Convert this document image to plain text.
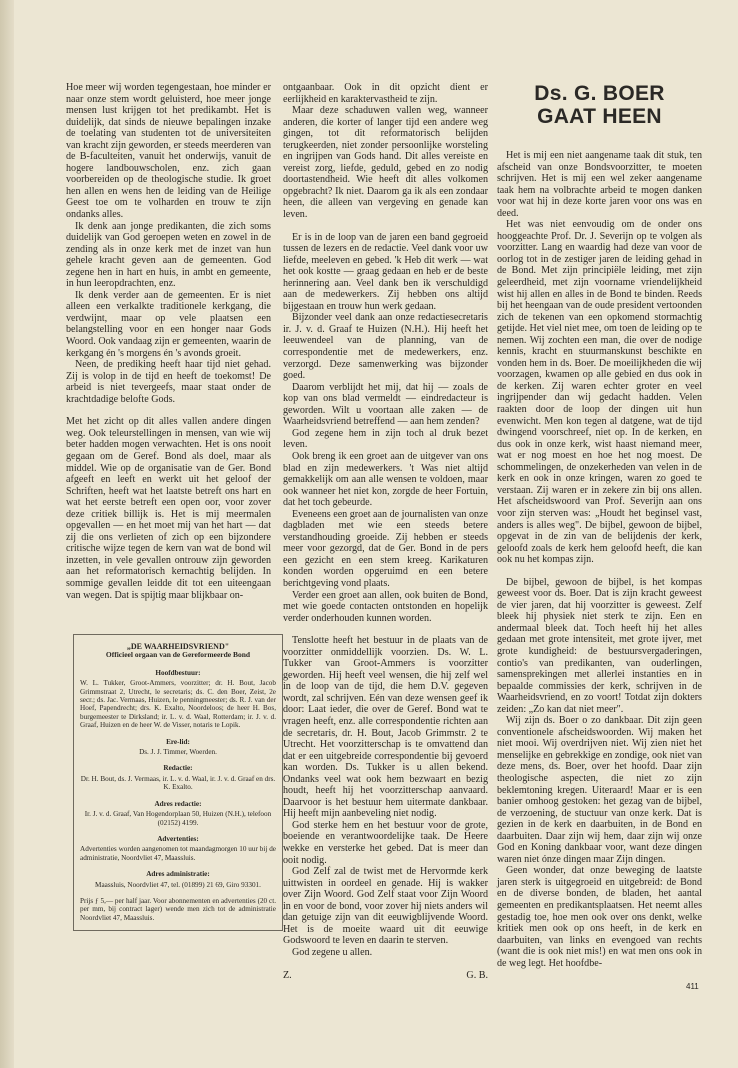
Hoe meer wij worden tegengestaan, hoe minder er naar onze stem wordt geluisterd, hoe meer jonge mensen lust krijgen tot het predikambt. Het is duidelijk, dat sinds de nieuwe bepalingen inzake de toelating van studenten tot de universiteiten van kracht zijn geworden, er steeds meerderen van de B-faculteiten, vanuit het onderwijs, vanuit de hogere landbouwscholen, enz. zich gaan voorbereiden op de theologische studie. Ik groet hen allen en wens hen de leiding van de Heilige Geest toe om te volharden en trouw te zijn ondanks alles.

Ik denk aan jonge predikanten, die zich soms duidelijk van God geroepen weten en zowel in de zending als in onze kerk met de inzet van hun gehele kracht geven aan de gemeenten. God zegene hen in hart en huis, in ambt en gemeente, in hun leeropdrachten, enz.

Ik denk verder aan de gemeenten. Er is niet alleen een verkalkte traditionele kerkgang, die verdwijnt, maar op vele plaatsen een belangstelling voor en een honger naar Gods Woord. Ook vandaag zijn er gemeenten, waarin de kerkgang én 's morgens én 's avonds groeit.

Neen, de prediking heeft haar tijd niet gehad. Zij is volop in de tijd en heeft de toekomst! De arbeid is niet tevergeefs, maar staat onder de krachtdadige belofte Gods.

Met het zicht op dit alles vallen andere dingen weg. Ook teleurstellingen in mensen, van wie wij beter hadden mogen verwachten. Het is ons nooit gegaan om de Geref. Bond als doel, maar als middel. Wie op de organisatie van de Ger. Bond afgeeft en leeft en werkt uit het geloof der Schriften, heeft wat het laatste betreft ons hart en wat het eerste betreft een open oor, voor zover deze critiek billijk is. Het is mij meermalen opgevallen — en het moet mij van het hart — dat zij die ons verlieten of zich op een bijzondere critische wijze tegen de kern van wat de bond wil inzetten, in vele gevallen ontrouw zijn geworden aan het reformatorisch kernachtig belijden. In sommige gevallen leidde dit tot een uiteengaan van wegen. Dat is spijtig maar blijkbaar on-

„DE WAARHEIDSVRIEND"
Officieel orgaan van de Gereformeerde Bond
Hoofdbestuur:
W. L. Tukker, Groot-Ammers, voorzitter; dr. H. Bout, Jacob Grimmstraat 2, Utrecht, le secretaris; ds. C. den Boer, Zeist, 2e secr.; ds. Jac. Vermaas, Huizen, le penningmeester; ds. R. J. van der Hoef, Papendrecht; drs. K. Exalto, Noordeloos; de heer H. Bos, burgemeester te Dirksland; ir. L. v. d. Waal, Rotterdam; ir. J. v. d. Graaf, Huizen en de heer W. de Visser, notaris te Lopik.
Ere-lid:
Ds. J. J. Timmer, Woerden.
Redactie:
Dr. H. Bout, ds. J. Vermaas, ir. L. v. d. Waal, ir. J. v. d. Graaf en drs. K. Exalto.
Adres redactie:
Ir. J. v. d. Graaf, Van Hogendorplaan 50, Huizen (N.H.), telefoon (02152) 4199.
Advertenties:
Advertenties worden aangenomen tot maandagmorgen 10 uur bij de administratie, Noordvliet 47, Maassluis.
Adres administratie:
Maassluis, Noordvliet 47, tel. (01899) 21 69, Giro 93301.
Prijs ƒ 5,— per half jaar. Voor abonnementen en advertenties (20 ct. per mm, bij contract lager) wende men zich tot de administratie Noordvliet 47, Maassluis.

ontgaanbaar. Ook in dit opzicht dient er eerlijkheid en karaktervastheid te zijn.

Maar deze schaduwen vallen weg, wanneer anderen, die korter of langer tijd een andere weg gingen, tot dit reformatorisch belijden terugkeerden, niet zonder persoonlijke worsteling en ingrijpen van Gods hand. Dit alles vereiste en vereist zorg, liefde, geduld, gebed en zo nodig doortastendheid. Wie heeft dit alles volkomen opgebracht? Ik niet. Daarom ga ik als een zondaar heen, die alleen van vergeving en genade kan leven.

Er is in de loop van de jaren een band gegroeid tussen de lezers en de redactie. Veel dank voor uw liefde, meeleven en gebed. 'k Heb dit werk — wat het ook kostte — graag gedaan en heb er de beste herinnering aan. Veel dank ben ik verschuldigd aan de medewerkers. Zij hebben ons altijd bijgestaan en trouw hun werk gedaan.

Bijzonder veel dank aan onze redactiesecretaris ir. J. v. d. Graaf te Huizen (N.H.). Hij heeft het leeuwendeel van de planning, van de correspondentie met de medewerkers, enz. verzorgd. Deze samenwerking was bijzonder goed.

Daarom verblijdt het mij, dat hij — zoals de kop van ons blad vermeldt — eindredacteur is geworden. Wilt u voortaan alle zaken — de Waarheidsvriend betreffend — aan hem zenden?

God zegene hem in zijn toch al druk bezet leven.

Ook breng ik een groet aan de uitgever van ons blad en zijn medewerkers. 't Was niet altijd gemakkelijk om aan alle wensen te voldoen, maar ook wanneer het niet kon, zorgde de heer Fortuin, dat het toch gebeurde.

Eveneens een groet aan de journalisten van onze dagbladen met wie een steeds betere verstandhouding groeide. Zij hebben er steeds meer voor gezorgd, dat de Ger. Bond in de pers een gezicht en een stem kreeg. Karikaturen konden worden opgeruimd en een betere berichtgeving vond plaats.

Verder een groet aan allen, ook buiten de Bond, met wie goede contacten ontstonden en hopelijk verder onderhouden kunnen worden.

Tenslotte heeft het bestuur in de plaats van de voorzitter onmiddellijk voorzien. Ds. W. L. Tukker van Groot-Ammers is voorzitter geworden. Hij heeft veel wensen, die hij zelf wel in de loop van de tijd, die hem D.V. gegeven wordt, zal schrijven. Eén van deze wensen geef ik door: Laat ieder, die over de Geref. Bond wat te vragen heeft, enz. alle correspondentie richten aan de secretaris, dr. H. Bout, Jacob Grimmstr. 2 te Utrecht. Het voorzitterschap is te omvattend dan dat er een uitgebreide correspondentie bij gevoerd kan worden. Ds. Tukker is u allen bekend. Ondanks veel wat ook hem bezwaart en bezig houdt, heeft hij het voorzitterschap aanvaard. Daarvoor is het bestuur hem uitermate dankbaar. Hij heeft mijn aanbeveling niet nodig.

God sterke hem en het bestuur voor de grote, boeiende en verantwoordelijke taak. De Heere wekke en versterke het gebed. Dat is meer dan ooit nodig.

God Zelf zal de twist met de Hervormde kerk uittwisten in oordeel en genade. Hij is wakker over Zijn Woord. God Zelf staat voor Zijn Woord in en voor de bond, voor zover hij niets anders wil dan getuige zijn van dit eeuwigblijvende Woord. Het is de moeite waard uit dit eeuwige Godswoord te leven en daarin te sterven.

God zegene u allen.

Z.	G. B.
Ds. G. BOER
GAAT HEEN

Het is mij een niet aangename taak dit stuk, ten afscheid van onze Bondsvoorzitter, te moeten schrijven. Het is mij een wel zeker aangename taak hem na volbrachte arbeid te mogen danken voor wat hij in deze korte jaren voor ons was en deed.

Het was niet eenvoudig om de onder ons hooggeachte Prof. Dr. J. Severijn op te volgen als voorzitter. Lang en waardig had deze van voor de oorlog tot in de zestiger jaren de leiding gehad in de Bond. Met zijn principiële leiding, met zijn geleerdheid, met zijn voorname vriendelijkheid wist hij allen en alles in de Bond te binden. Reeds bij het heengaan van de oude president vertoonden zich de tekenen van een opkomend stormachtig getijde. Het viel niet mee, om toen de leiding op te nemen. Wij zochten een man, die over de nodige kennis, kracht en stuurmanskunst beschikte en vonden hem in ds. Boer. De moeilijkheden die wij voorzagen, kwamen op alle gebied en dus ook in de kerken. Zij waren echter groter en veel ingrijpender dan wij gedacht hadden. Velen raakten door de loop der dingen uit hun evenwicht. Men kon tegen al datgene, wat de tijd dwingend voorschreef, niet op. In de kerken, en dus ook in onze kerk, wist haast niemand meer, wat er nog moest en hoe het nog moest. De schommelingen, de onzekerheden van velen in de kerk en ook in onze kringen, waren zo goed te verstaan. Zij waren er in zekere zin bij ons allen. Het afscheidswoord van Prof. Severijn aan ons voor zijn sterven was: „Houdt het beginsel vast, anders is alles weg". De bijbel, gewoon de bijbel, opgevat in de zin van de belijdenis der kerk, geloofd zoals de kerk hem geloofd heeft, die kan ook nu het kompas zijn.

De bijbel, gewoon de bijbel, is het kompas geweest voor ds. Boer. Dat is zijn kracht geweest de vier jaren, dat hij voorzitter is geweest. Zelf bleek hij physiek niet sterk te zijn. Een en andermaal bleek dat. Toch heeft hij het alles gedaan met grote intensiteit, met grote ijver, met grote kundigheid: de bestuursvergaderingen, contio's van predikanten, van ouderlingen, samensprekingen met allerlei instanties en in bepaalde commissies der kerk, schrijven in de Waarheidsvriend, en zo voort! Totdat zijn dokters zeiden: „Zo kan dat niet meer".

Wij zijn ds. Boer o zo dankbaar. Dit zijn geen conventionele afscheidswoorden. Wij maken het niet mooi. Wij overdrijven niet. Wij zien niet het menselijke en gebrekkige en zondige, ook niet van deze mens, ds. Boer, over het hoofd. Daar zijn theologische aspecten, die niet zo zijn beklemtoning kregen. Uiteraard! Maar er is een banier omhoog gestoken: het gezag van de bijbel, de verzoening, de stuctuur van onze kerk. Dat is gezien in de kerk en daarbuiten, in de Bond en daarbuiten. Daar zijn wij hem, daar zijn wij onze God en Koning dankbaar voor, want deze dingen waren niet ónze dingen maar Zijn dingen.

Geen wonder, dat onze beweging de laatste jaren sterk is uitgegroeid en uitgebreid: de Bond en de diverse bonden, de bladen, het aantal gemeenten en predikantsplaatsen. Het neemt alles gestadig toe, hoe men ook over ons denkt, welke kritiek men ook op ons heeft, in de kerk en daarbuiten, van links en evengoed van rechts (want die is ook niet mis!) en wat men ons ook in de weg legt. Het hoofdbe-

411
